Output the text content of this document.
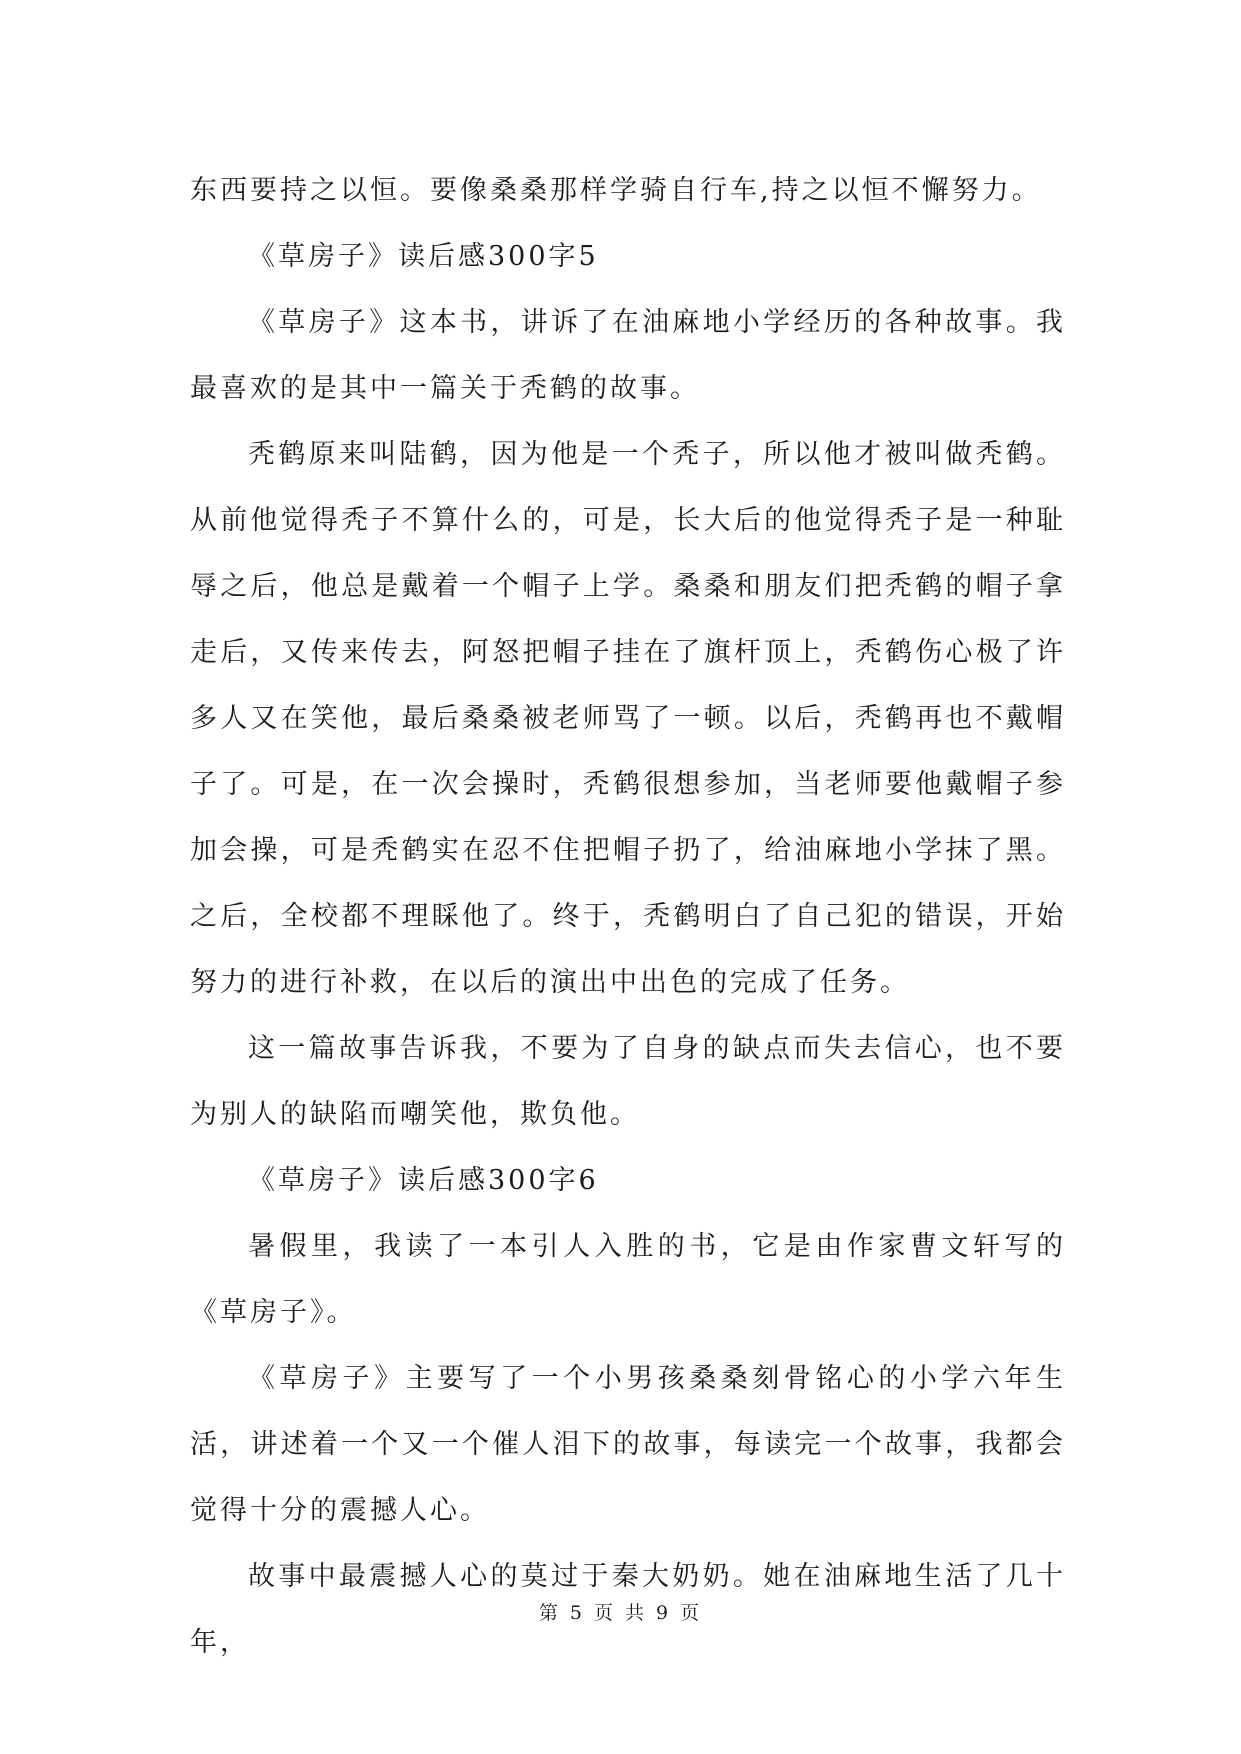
东西要持之以恒。要像桑桑那样学骑自行车,持之以恒不懈努力。

《草房子》读后感300字5

《草房子》这本书，讲诉了在油麻地小学经历的各种故事。我最喜欢的是其中一篇关于秃鹤的故事。

秃鹤原来叫陆鹤，因为他是一个秃子，所以他才被叫做秃鹤。从前他觉得秃子不算什么的，可是，长大后的他觉得秃子是一种耻辱之后，他总是戴着一个帽子上学。桑桑和朋友们把秃鹤的帽子拿走后，又传来传去，阿怒把帽子挂在了旗杆顶上，秃鹤伤心极了许多人又在笑他，最后桑桑被老师骂了一顿。以后，秃鹤再也不戴帽子了。可是，在一次会操时，秃鹤很想参加，当老师要他戴帽子参加会操，可是秃鹤实在忍不住把帽子扔了，给油麻地小学抹了黑。之后，全校都不理睬他了。终于，秃鹤明白了自己犯的错误，开始努力的进行补救，在以后的演出中出色的完成了任务。

这一篇故事告诉我，不要为了自身的缺点而失去信心，也不要为别人的缺陷而嘲笑他，欺负他。

《草房子》读后感300字6

暑假里，我读了一本引人入胜的书，它是由作家曹文轩写的《草房子》。

《草房子》主要写了一个小男孩桑桑刻骨铭心的小学六年生活，讲述着一个又一个催人泪下的故事，每读完一个故事，我都会觉得十分的震撼人心。

故事中最震撼人心的莫过于秦大奶奶。她在油麻地生活了几十年，

第 5 页 共 9 页
